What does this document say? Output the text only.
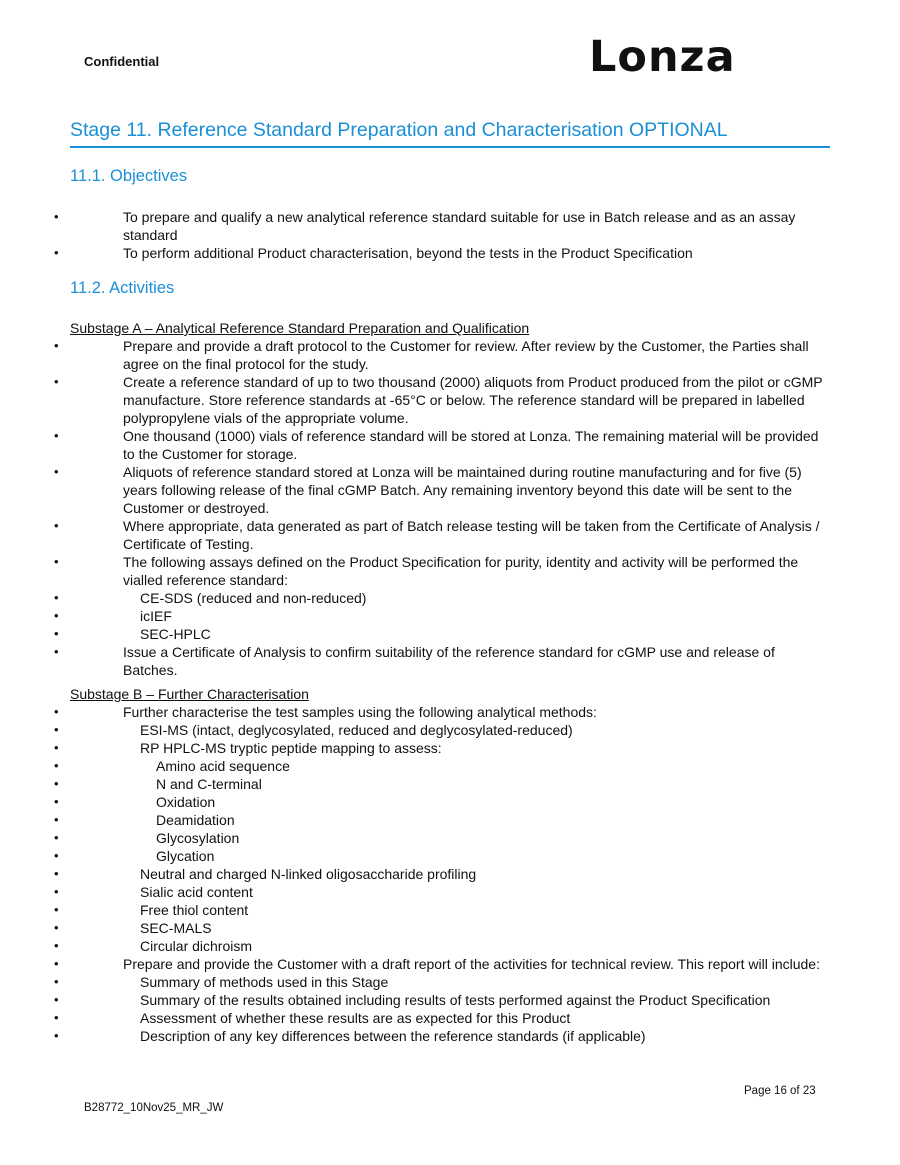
Confidential	Lonza
Stage 11. Reference Standard Preparation and Characterisation OPTIONAL
11.1. Objectives
• To prepare and qualify a new analytical reference standard suitable for use in Batch release and as an assay standard
• To perform additional Product characterisation, beyond the tests in the Product Specification
11.2. Activities
Substage A – Analytical Reference Standard Preparation and Qualification
• Prepare and provide a draft protocol to the Customer for review. After review by the Customer, the Parties shall agree on the final protocol for the study.
• Create a reference standard of up to two thousand (2000) aliquots from Product produced from the pilot or cGMP manufacture. Store reference standards at -65°C or below. The reference standard will be prepared in labelled polypropylene vials of the appropriate volume.
• One thousand (1000) vials of reference standard will be stored at Lonza. The remaining material will be provided to the Customer for storage.
• Aliquots of reference standard stored at Lonza will be maintained during routine manufacturing and for five (5) years following release of the final cGMP Batch. Any remaining inventory beyond this date will be sent to the Customer or destroyed.
• Where appropriate, data generated as part of Batch release testing will be taken from the Certificate of Analysis / Certificate of Testing.
• The following assays defined on the Product Specification for purity, identity and activity will be performed the vialled reference standard:
• CE-SDS (reduced and non-reduced)
• icIEF
• SEC-HPLC
• Issue a Certificate of Analysis to confirm suitability of the reference standard for cGMP use and release of Batches.
Substage B – Further Characterisation
• Further characterise the test samples using the following analytical methods:
• ESI-MS (intact, deglycosylated, reduced and deglycosylated-reduced)
• RP HPLC-MS tryptic peptide mapping to assess:
• Amino acid sequence
• N and C-terminal
• Oxidation
• Deamidation
• Glycosylation
• Glycation
• Neutral and charged N-linked oligosaccharide profiling
• Sialic acid content
• Free thiol content
• SEC-MALS
• Circular dichroism
• Prepare and provide the Customer with a draft report of the activities for technical review. This report will include:
• Summary of methods used in this Stage
• Summary of the results obtained including results of tests performed against the Product Specification
• Assessment of whether these results are as expected for this Product
• Description of any key differences between the reference standards (if applicable)
Page 16 of 23
B28772_10Nov25_MR_JW
